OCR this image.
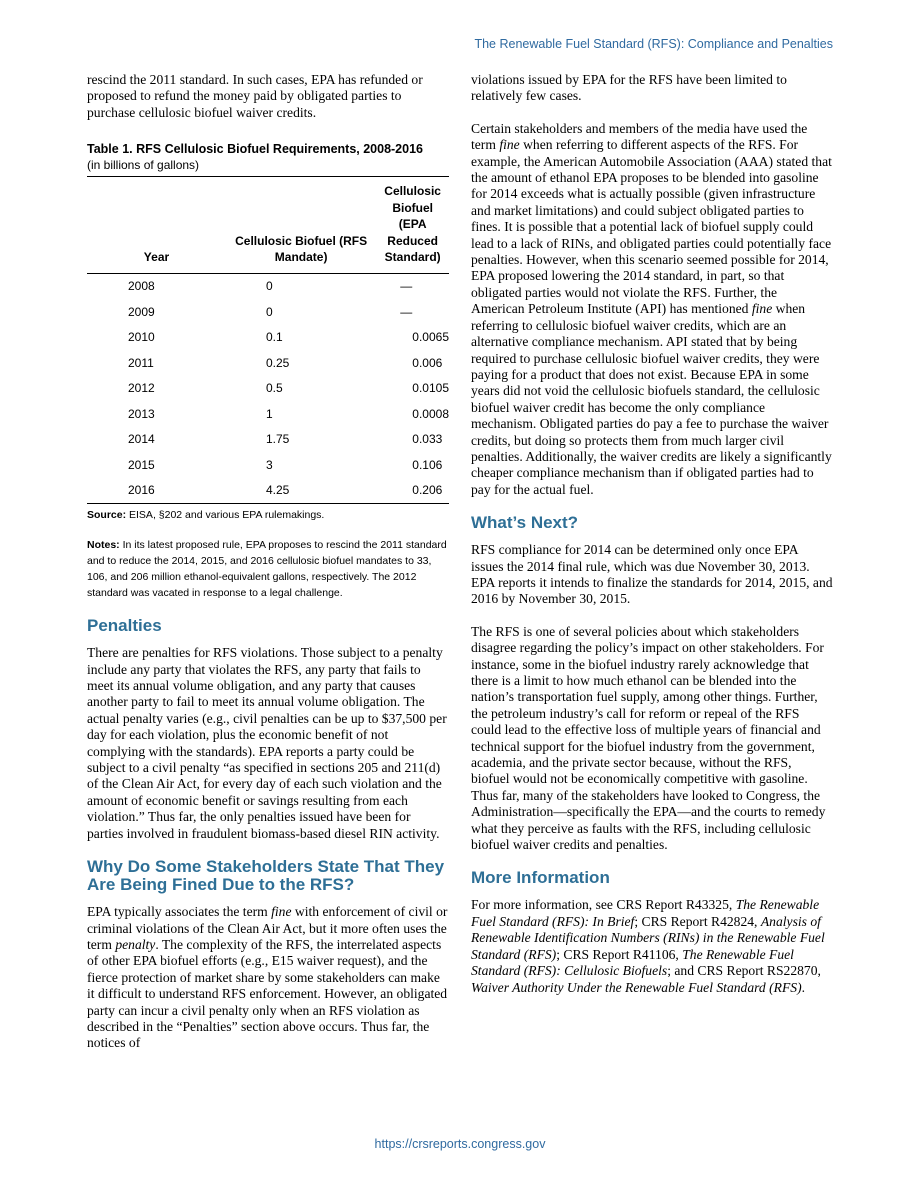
The Renewable Fuel Standard (RFS): Compliance and Penalties

rescind the 2011 standard. In such cases, EPA has refunded or proposed to refund the money paid by obligated parties to purchase cellulosic biofuel waiver credits.

Table 1. RFS Cellulosic Biofuel Requirements, 2008-2016
(in billions of gallons)
Year	Cellulosic Biofuel (RFS Mandate)	Cellulosic Biofuel (EPA Reduced Standard)
2008	0	—
2009	0	—
2010	0.1	0.0065
2011	0.25	0.006
2012	0.5	0.0105
2013	1	0.0008
2014	1.75	0.033
2015	3	0.106
2016	4.25	0.206
Source: EISA, §202 and various EPA rulemakings.
Notes: In its latest proposed rule, EPA proposes to rescind the 2011 standard and to reduce the 2014, 2015, and 2016 cellulosic biofuel mandates to 33, 106, and 206 million ethanol-equivalent gallons, respectively. The 2012 standard was vacated in response to a legal challenge.
Penalties

There are penalties for RFS violations. Those subject to a penalty include any party that violates the RFS, any party that fails to meet its annual volume obligation, and any party that causes another party to fail to meet its annual volume obligation. The actual penalty varies (e.g., civil penalties can be up to $37,500 per day for each violation, plus the economic benefit of not complying with the standards). EPA reports a party could be subject to a civil penalty “as specified in sections 205 and 211(d) of the Clean Air Act, for every day of each such violation and the amount of economic benefit or savings resulting from each violation.” Thus far, the only penalties issued have been for parties involved in fraudulent biomass-based diesel RIN activity.

Why Do Some Stakeholders State That They Are Being Fined Due to the RFS?

EPA typically associates the term fine with enforcement of civil or criminal violations of the Clean Air Act, but it more often uses the term penalty. The complexity of the RFS, the interrelated aspects of other EPA biofuel efforts (e.g., E15 waiver request), and the fierce protection of market share by some stakeholders can make it difficult to understand RFS enforcement. However, an obligated party can incur a civil penalty only when an RFS violation as described in the “Penalties” section above occurs. Thus far, the notices of

violations issued by EPA for the RFS have been limited to relatively few cases.

Certain stakeholders and members of the media have used the term fine when referring to different aspects of the RFS. For example, the American Automobile Association (AAA) stated that the amount of ethanol EPA proposes to be blended into gasoline for 2014 exceeds what is actually possible (given infrastructure and market limitations) and could subject obligated parties to fines. It is possible that a potential lack of biofuel supply could lead to a lack of RINs, and obligated parties could potentially face penalties. However, when this scenario seemed possible for 2014, EPA proposed lowering the 2014 standard, in part, so that obligated parties would not violate the RFS. Further, the American Petroleum Institute (API) has mentioned fine when referring to cellulosic biofuel waiver credits, which are an alternative compliance mechanism. API stated that by being required to purchase cellulosic biofuel waiver credits, they were paying for a product that does not exist. Because EPA in some years did not void the cellulosic biofuels standard, the cellulosic biofuel waiver credit has become the only compliance mechanism. Obligated parties do pay a fee to purchase the waiver credits, but doing so protects them from much larger civil penalties. Additionally, the waiver credits are likely a significantly cheaper compliance mechanism than if obligated parties had to pay for the actual fuel.

What’s Next?

RFS compliance for 2014 can be determined only once EPA issues the 2014 final rule, which was due November 30, 2013. EPA reports it intends to finalize the standards for 2014, 2015, and 2016 by November 30, 2015.

The RFS is one of several policies about which stakeholders disagree regarding the policy’s impact on other stakeholders. For instance, some in the biofuel industry rarely acknowledge that there is a limit to how much ethanol can be blended into the nation’s transportation fuel supply, among other things. Further, the petroleum industry’s call for reform or repeal of the RFS could lead to the effective loss of multiple years of financial and technical support for the biofuel industry from the government, academia, and the private sector because, without the RFS, biofuel would not be economically competitive with gasoline. Thus far, many of the stakeholders have looked to Congress, the Administration—specifically the EPA—and the courts to remedy what they perceive as faults with the RFS, including cellulosic biofuel waiver credits and penalties.

More Information

For more information, see CRS Report R43325, The Renewable Fuel Standard (RFS): In Brief; CRS Report R42824, Analysis of Renewable Identification Numbers (RINs) in the Renewable Fuel Standard (RFS); CRS Report R41106, The Renewable Fuel Standard (RFS): Cellulosic Biofuels; and CRS Report RS22870, Waiver Authority Under the Renewable Fuel Standard (RFS).

https://crsreports.congress.gov
